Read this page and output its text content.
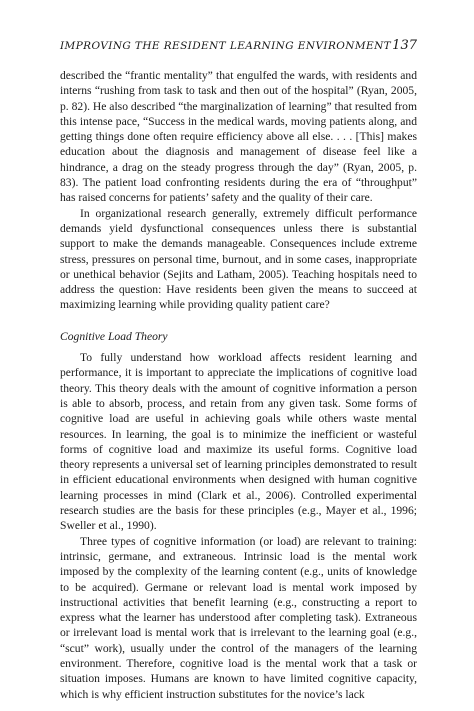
IMPROVING THE RESIDENT LEARNING ENVIRONMENT 137

described the “frantic mentality” that engulfed the wards, with residents and interns “rushing from task to task and then out of the hospital” (Ryan, 2005, p. 82). He also described “the marginalization of learning” that resulted from this intense pace, “Success in the medical wards, moving patients along, and getting things done often require efficiency above all else. . . . [This] makes education about the diagnosis and management of disease feel like a hindrance, a drag on the steady progress through the day” (Ryan, 2005, p. 83). The patient load confronting residents during the era of “throughput” has raised concerns for patients’ safety and the quality of their care.

In organizational research generally, extremely difficult performance demands yield dysfunctional consequences unless there is substantial support to make the demands manageable. Consequences include extreme stress, pressures on personal time, burnout, and in some cases, inappropriate or unethical behavior (Sejits and Latham, 2005). Teaching hospitals need to address the question: Have residents been given the means to succeed at maximizing learning while providing quality patient care?

Cognitive Load Theory

To fully understand how workload affects resident learning and performance, it is important to appreciate the implications of cognitive load theory. This theory deals with the amount of cognitive information a person is able to absorb, process, and retain from any given task. Some forms of cognitive load are useful in achieving goals while others waste mental resources. In learning, the goal is to minimize the inefficient or wasteful forms of cognitive load and maximize its useful forms. Cognitive load theory represents a universal set of learning principles demonstrated to result in efficient educational environments when designed with human cognitive learning processes in mind (Clark et al., 2006). Controlled experimental research studies are the basis for these principles (e.g., Mayer et al., 1996; Sweller et al., 1990).

Three types of cognitive information (or load) are relevant to training: intrinsic, germane, and extraneous. Intrinsic load is the mental work imposed by the complexity of the learning content (e.g., units of knowledge to be acquired). Germane or relevant load is mental work imposed by instructional activities that benefit learning (e.g., constructing a report to express what the learner has understood after completing task). Extraneous or irrelevant load is mental work that is irrelevant to the learning goal (e.g., “scut” work), usually under the control of the managers of the learning environment. Therefore, cognitive load is the mental work that a task or situation imposes. Humans are known to have limited cognitive capacity, which is why efficient instruction substitutes for the novice’s lack
